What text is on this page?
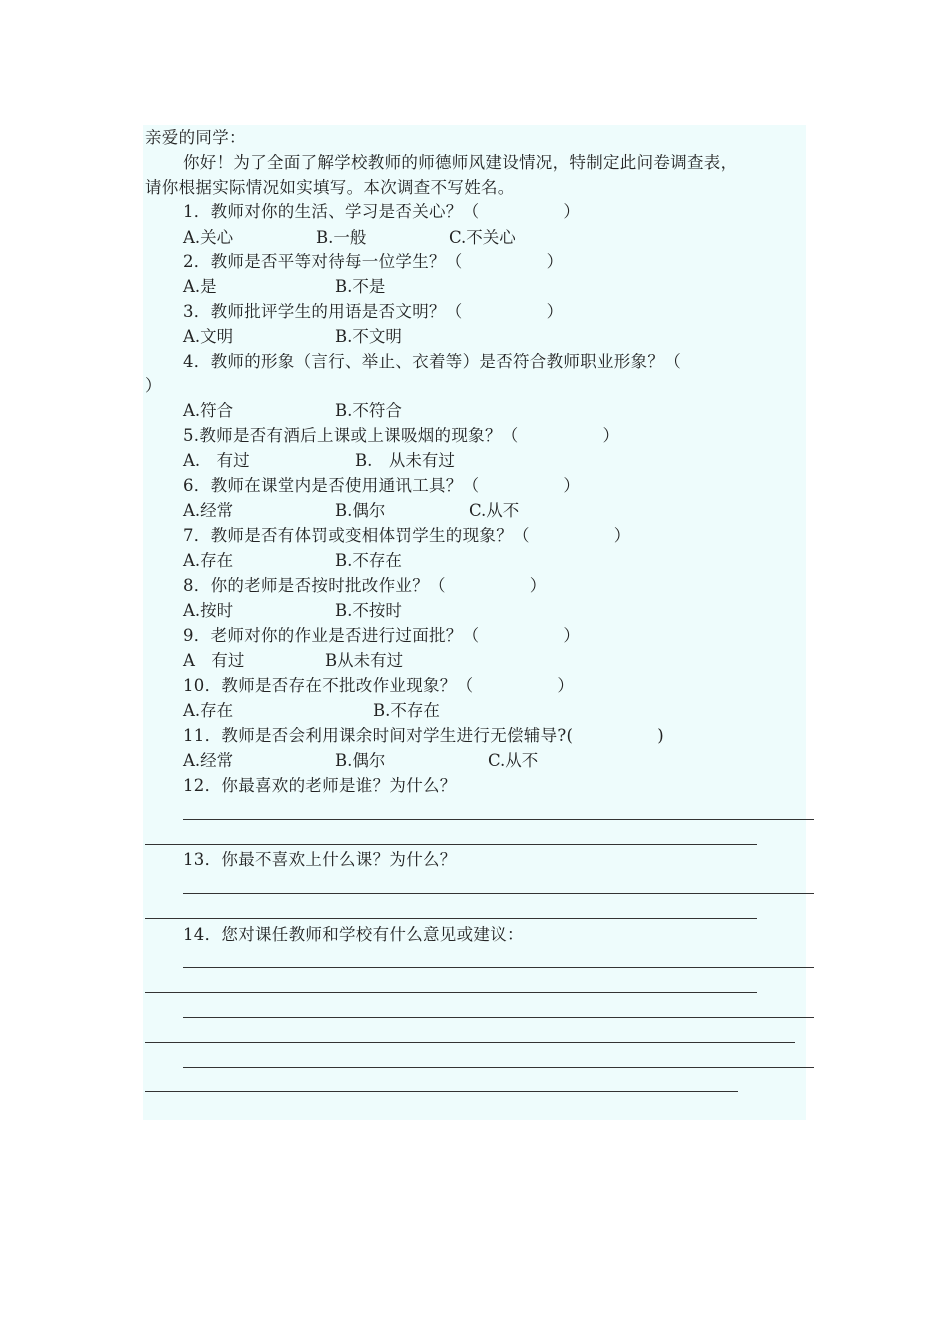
亲爱的同学：
你好！为了全面了解学校教师的师德师风建设情况，特制定此问卷调查表，
请你根据实际情况如实填写。本次调查不写姓名。
1．教师对你的生活、学习是否关心？（　　　　　）
A.关心	B.一般	C.不关心
2．教师是否平等对待每一位学生？（　　　　　）
A.是	B.不是
3．教师批评学生的用语是否文明？（　　　　　）
A.文明	B.不文明
4．教师的形象（言行、举止、衣着等）是否符合教师职业形象？（
）
A.符合	B.不符合
5.教师是否有酒后上课或上课吸烟的现象？（　　　　　）
A.　有过	B.　从未有过
6．教师在课堂内是否使用通讯工具？（　　　　　）
A.经常	B.偶尔	C.从不
7．教师是否有体罚或变相体罚学生的现象？（　　　　　）
A.存在	B.不存在
8．你的老师是否按时批改作业？（　　　　　）
A.按时	B.不按时
9．老师对你的作业是否进行过面批？（　　　　　）
A　有过	B从未有过
10．教师是否存在不批改作业现象？（　　　　　）
A.存在	B.不存在
11．教师是否会利用课余时间对学生进行无偿辅导?(　　　　　)
A.经常	B.偶尔	C.从不
12．你最喜欢的老师是谁？为什么？
13．你最不喜欢上什么课？为什么？
14．您对课任教师和学校有什么意见或建议：
